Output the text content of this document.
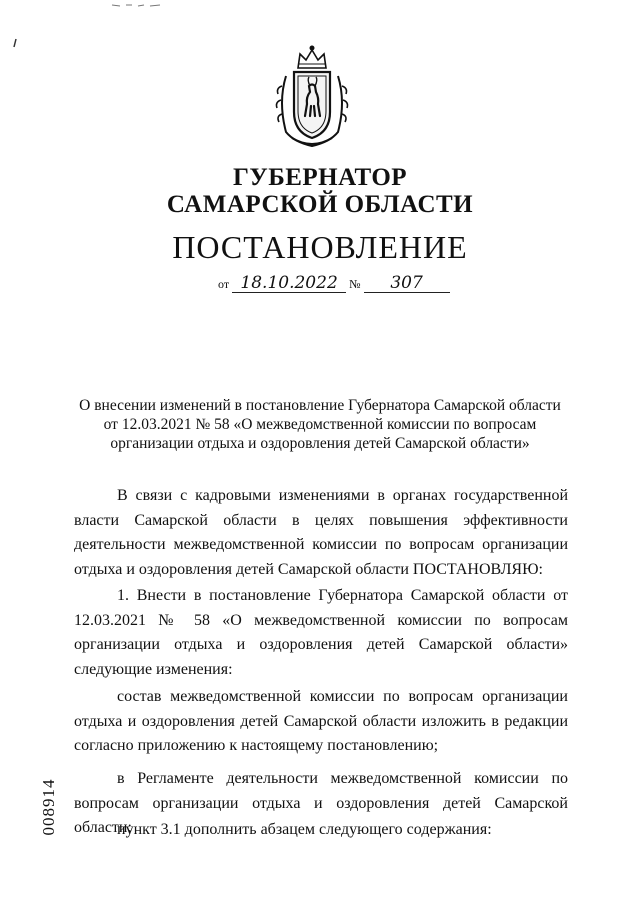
ГУБЕРНАТОР
САМАРСКОЙ ОБЛАСТИ
ПОСТАНОВЛЕНИЕ
от 18.10.2022 № 307
О внесении изменений в постановление Губернатора Самарской области
от 12.03.2021 № 58 «О межведомственной комиссии по вопросам
организации отдыха и оздоровления детей Самарской области»
В связи с кадровыми изменениями в органах государственной власти Самарской области в целях повышения эффективности деятельности межведомственной комиссии по вопросам организации отдыха и оздоровления детей Самарской области ПОСТАНОВЛЯЮ:
1. Внести в постановление Губернатора Самарской области от 12.03.2021 № 58 «О межведомственной комиссии по вопросам организации отдыха и оздоровления детей Самарской области» следующие изменения:
состав межведомственной комиссии по вопросам организации отдыха и оздоровления детей Самарской области изложить в редакции согласно приложению к настоящему постановлению;
в Регламенте деятельности межведомственной комиссии по вопросам организации отдыха и оздоровления детей Самарской области:
пункт 3.1 дополнить абзацем следующего содержания:
008914
